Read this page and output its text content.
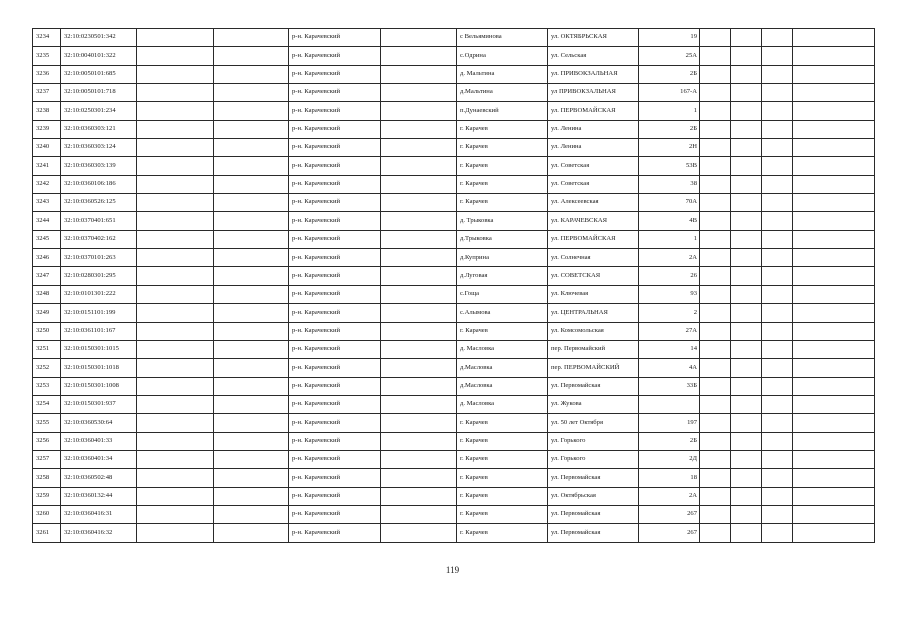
3234	32:10:0230501:342			р-н. Карачевский		с Вельяминова	ул. ОКТЯБРЬСКАЯ	19				
3235	32:10:0040101:322			р-н. Карачевский		с.Одрина	ул. Сельская	25А				
3236	32:10:0050101:685			р-н. Карачевский		д. Мальтина	ул. ПРИВОКЗАЛЬНАЯ	2Б				
3237	32:10:0050101:718			р-н. Карачевский		д.Мальтина	ул ПРИВОКЗАЛЬНАЯ	167-А				
3238	32:10:0250301:234			р-н. Карачевский		п.Дунаевский	ул. ПЕРВОМАЙСКАЯ	1				
3239	32:10:0360303:121			р-н. Карачевский		г. Карачев	ул. Ленина	2Б				
3240	32:10:0360303:124			р-н. Карачевский		г. Карачев	ул. Ленина	2Н				
3241	32:10:0360303:139			р-н. Карачевский		г. Карачев	ул. Советская	53В				
3242	32:10:0360106:186			р-н. Карачевский		г. Карачев	ул. Советская	38				
3243	32:10:0360526:125			р-н. Карачевский		г. Карачев	ул. Алексеевская	70А				
3244	32:10:0370401:651			р-н. Карачевский		д. Трыковка	ул. КАРАЧЕВСКАЯ	4В				
3245	32:10:0370402:162			р-н. Карачевский		д.Трыковка	ул. ПЕРВОМАЙСКАЯ	1				
3246	32:10:0370101:263			р-н. Карачевский		д.Куприна	ул. Солнечная	2А				
3247	32:10:0280301:295			р-н. Карачевский		д.Луговая	ул. СОВЕТСКАЯ	26				
3248	32:10:0101301:222			р-н. Карачевский		с.Гоща	ул. Ключевая	93				
3249	32:10:0151101:199			р-н. Карачевский		с.Алымова	ул. ЦЕНТРАЛЬНАЯ	2				
3250	32:10:0361101:167			р-н. Карачевский		г. Карачев	ул. Комсомольская	27А				
3251	32:10:0150301:1015			р-н. Карачевский		д. Масловка	пер. Первомайский	14				
3252	32:10:0150301:1018			р-н. Карачевский		д.Масловка	пер. ПЕРВОМАЙСКИЙ	4А				
3253	32:10:0150301:1008			р-н. Карачевский		д.Масловка	ул. Первомайская	33Б				
3254	32:10:0150301:937			р-н. Карачевский		д. Масловка	ул. Жукова					
3255	32:10:0360530:64			р-н. Карачевский		г. Карачев	ул. 50 лет Октября	197				
3256	32:10:0360401:33			р-н. Карачевский		г. Карачев	ул. Горького	2Б				
3257	32:10:0360401:34			р-н. Карачевский		г. Карачев	ул. Горького	2Д				
3258	32:10:0360502:48			р-н. Карачевский		г. Карачев	ул. Первомайская	18				
3259	32:10:0360132:44			р-н. Карачевский		г. Карачев	ул. Октябрьская	2А				
3260	32:10:0360416:31			р-н. Карачевский		г. Карачев	ул. Первомайская	267				
3261	32:10:0360416:32			р-н. Карачевский		г. Карачев	ул. Первомайская	267				
119
